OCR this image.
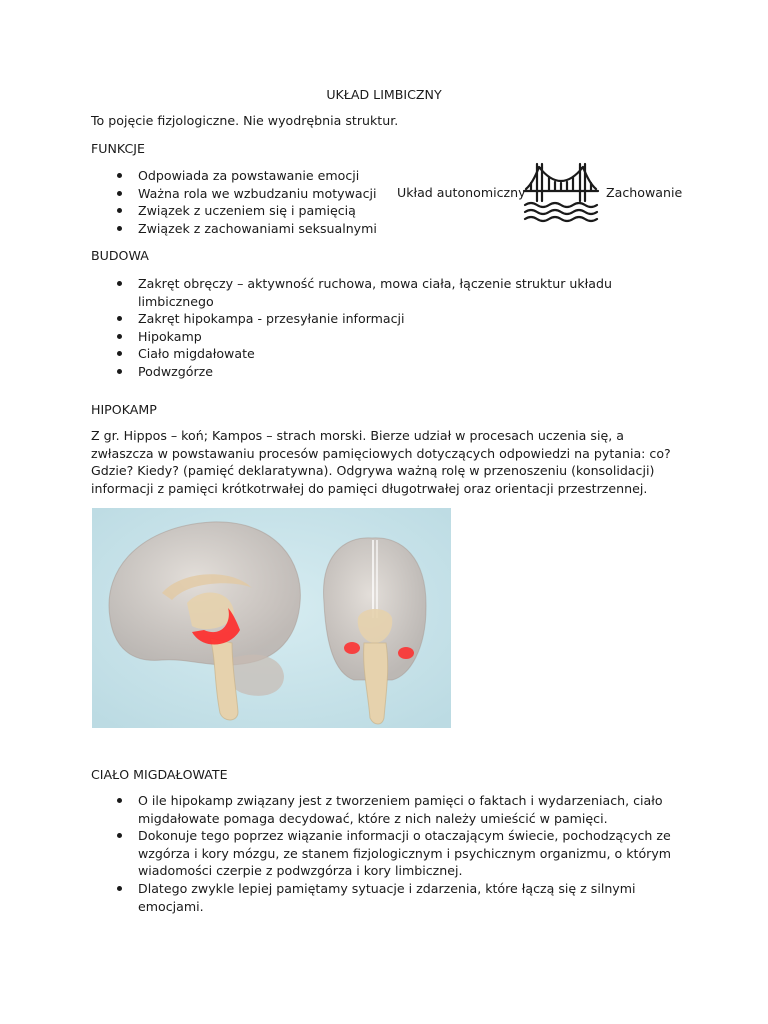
UKŁAD LIMBICZNY
To pojęcie fizjologiczne. Nie wyodrębnia struktur.
FUNKCJE
Odpowiada za powstawanie emocji
Ważna rola we wzbudzaniu motywacji
Związek z uczeniem się i pamięcią
Związek z zachowaniami seksualnymi
Układ autonomiczny	Zachowanie
BUDOWA
Zakręt obręczy – aktywność ruchowa, mowa ciała, łączenie struktur układu limbicznego
Zakręt hipokampa - przesyłanie informacji
Hipokamp
Ciało migdałowate
Podwzgórze
HIPOKAMP
Z gr. Hippos – koń; Kampos – strach morski. Bierze udział w procesach uczenia się, a zwłaszcza w powstawaniu procesów pamięciowych dotyczących odpowiedzi na pytania: co? Gdzie? Kiedy? (pamięć deklaratywna). Odgrywa ważną rolę w przenoszeniu (konsolidacji) informacji z pamięci krótkotrwałej do pamięci długotrwałej oraz orientacji przestrzennej.
CIAŁO MIGDAŁOWATE
O ile hipokamp związany jest z tworzeniem pamięci o faktach i wydarzeniach, ciało migdałowate pomaga decydować, które z nich należy umieścić w pamięci.
Dokonuje tego poprzez wiązanie informacji o otaczającym świecie, pochodzących ze wzgórza i kory mózgu, ze stanem fizjologicznym i psychicznym organizmu, o którym wiadomości czerpie z podwzgórza i kory limbicznej.
Dlatego zwykle lepiej pamiętamy sytuacje i zdarzenia, które łączą się z silnymi emocjami.
